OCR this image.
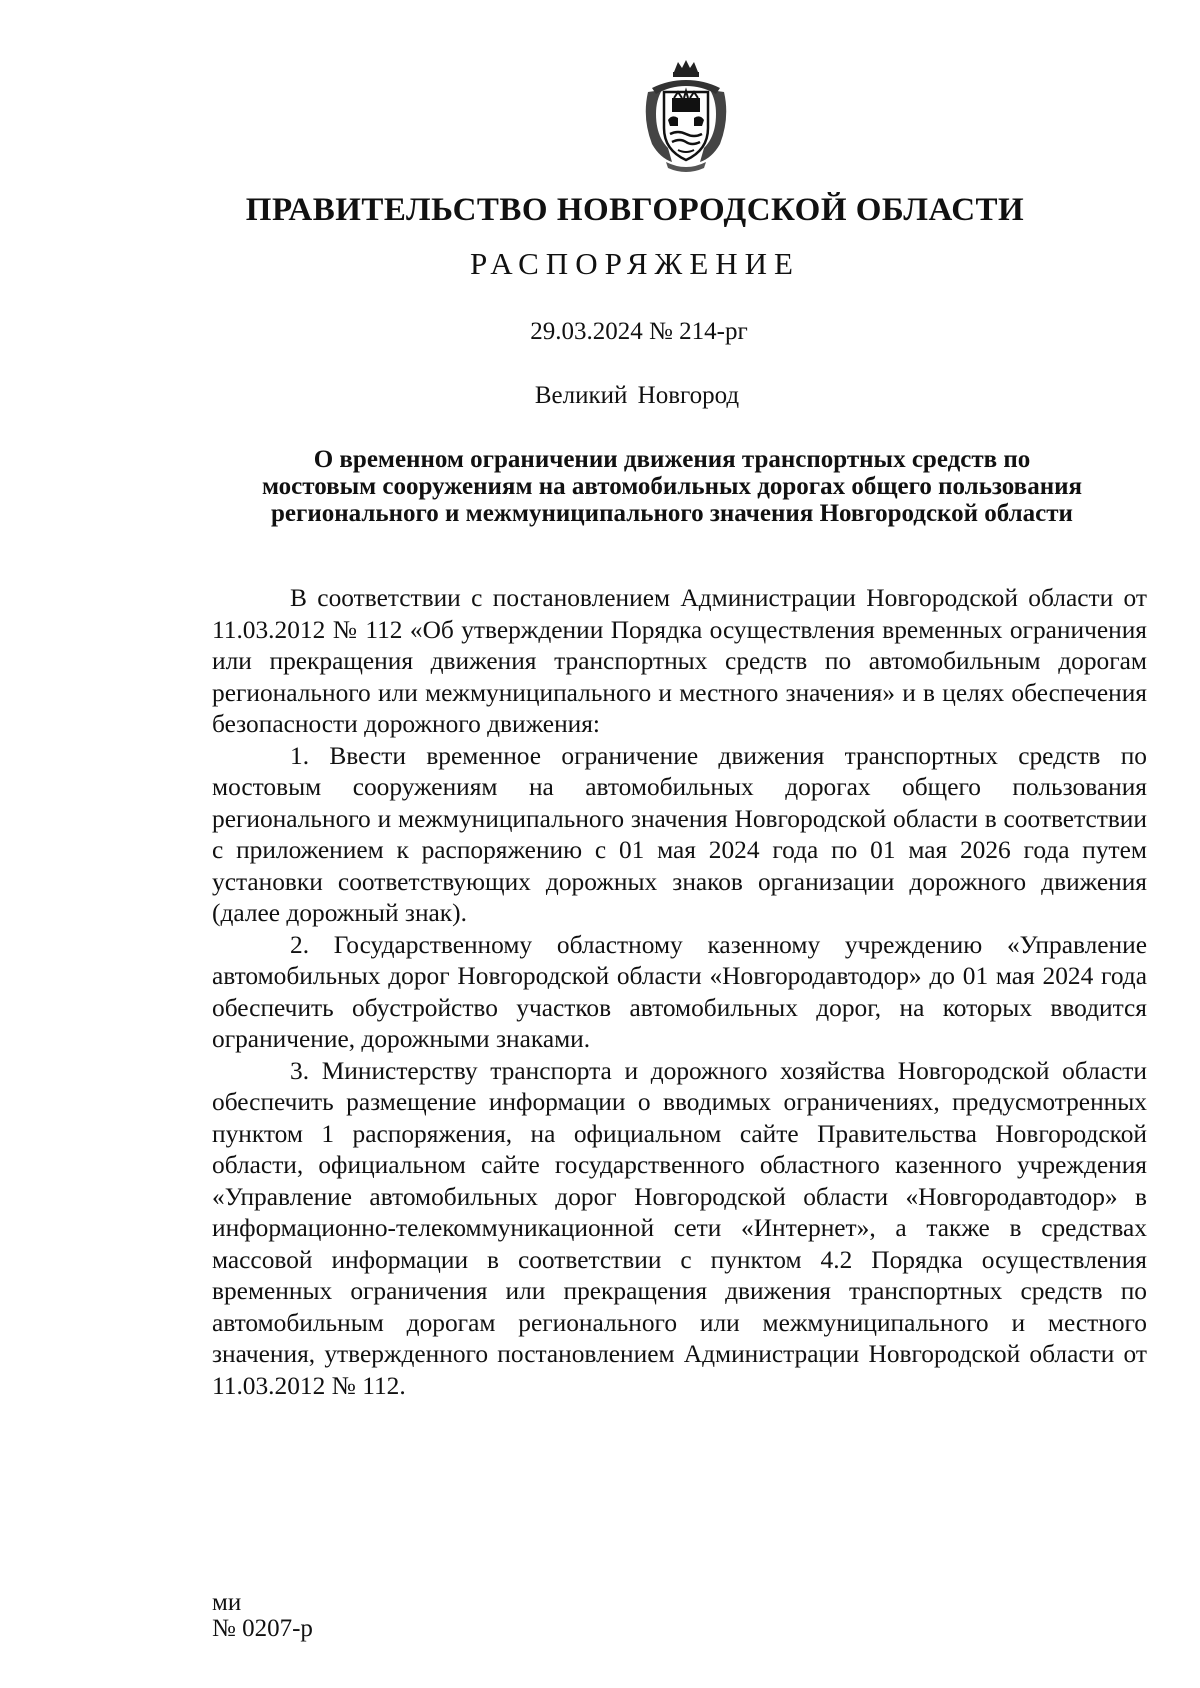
ПРАВИТЕЛЬСТВО НОВГОРОДСКОЙ ОБЛАСТИ
РАСПОРЯЖЕНИЕ
29.03.2024 № 214-рг
Великий Новгород
О временном ограничении движения транспортных средств по
мостовым сооружениям на автомобильных дорогах общего пользования
регионального и межмуниципального значения Новгородской области

В соответствии с постановлением Администрации Новгородской области от 11.03.2012 № 112 «Об утверждении Порядка осуществления временных ограничения или прекращения движения транспортных средств по автомобильным дорогам регионального или межмуниципального и местного значения» и в целях обеспечения безопасности дорожного движения:

1. Ввести временное ограничение движения транспортных средств по мостовым сооружениям на автомобильных дорогах общего пользования регионального и межмуниципального значения Новгородской области в соответствии с приложением к распоряжению с 01 мая 2024 года по 01 мая 2026 года путем установки соответствующих дорожных знаков организации дорожного движения (далее дорожный знак).

2. Государственному областному казенному учреждению «Управление автомобильных дорог Новгородской области «Новгородавтодор» до 01 мая 2024 года обеспечить обустройство участков автомобильных дорог, на которых вводится ограничение, дорожными знаками.

3. Министерству транспорта и дорожного хозяйства Новгородской области обеспечить размещение информации о вводимых ограничениях, предусмотренных пунктом 1 распоряжения, на официальном сайте Правительства Новгородской области, официальном сайте государственного областного казенного учреждения «Управление автомобильных дорог Новгородской области «Новгородавтодор» в информационно-телекоммуникационной сети «Интернет», а также в средствах массовой информации в соответствии с пунктом 4.2 Порядка осуществления временных ограничения или прекращения движения транспортных средств по автомобильным дорогам регионального или межмуниципального и местного значения, утвержденного постановлением Администрации Новгородской области от 11.03.2012 № 112.

ми
№ 0207-р
